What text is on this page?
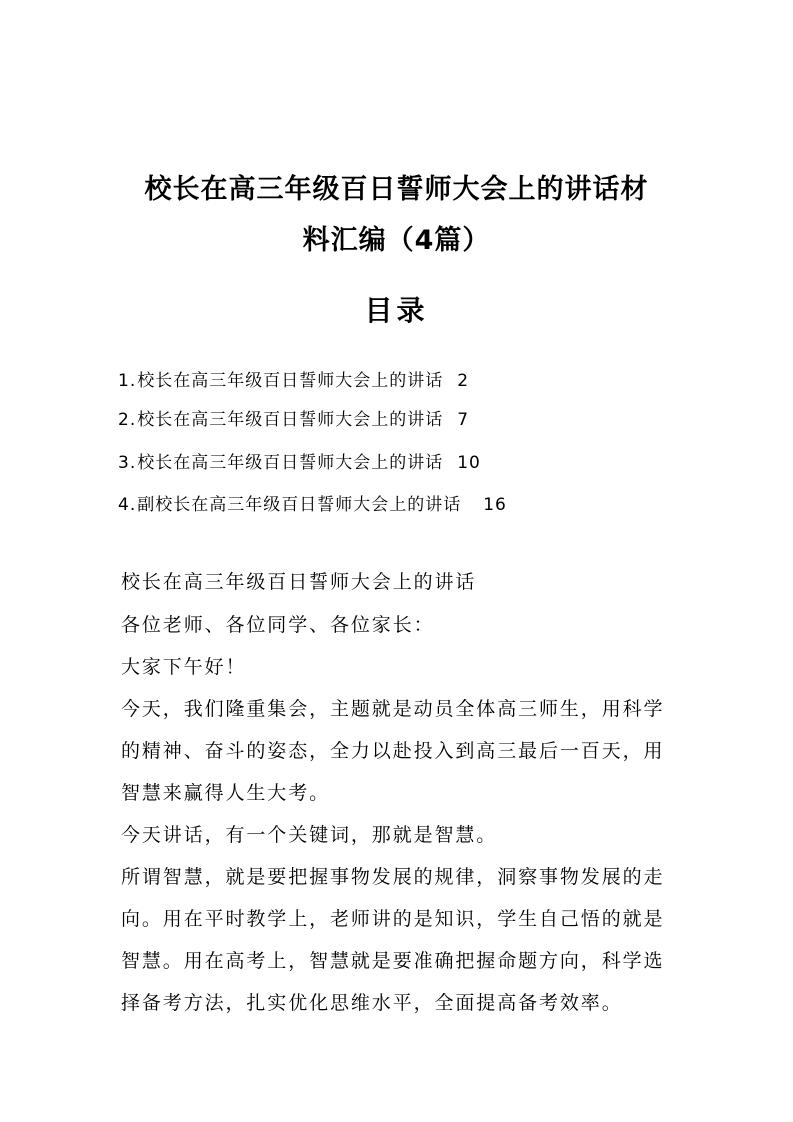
校长在高三年级百日誓师大会上的讲话材
料汇编（4篇）
目录
1.校长在高三年级百日誓师大会上的讲话 2
2.校长在高三年级百日誓师大会上的讲话 7
3.校长在高三年级百日誓师大会上的讲话 10
4.副校长在高三年级百日誓师大会上的讲话 16
校长在高三年级百日誓师大会上的讲话
各位老师、各位同学、各位家长：
大家下午好！
今天，我们隆重集会，主题就是动员全体高三师生，用科学的精神、奋斗的姿态，全力以赴投入到高三最后一百天，用智慧来赢得人生大考。
今天讲话，有一个关键词，那就是智慧。
所谓智慧，就是要把握事物发展的规律，洞察事物发展的走向。用在平时教学上，老师讲的是知识，学生自己悟的就是智慧。用在高考上，智慧就是要准确把握命题方向，科学选择备考方法，扎实优化思维水平，全面提高备考效率。
